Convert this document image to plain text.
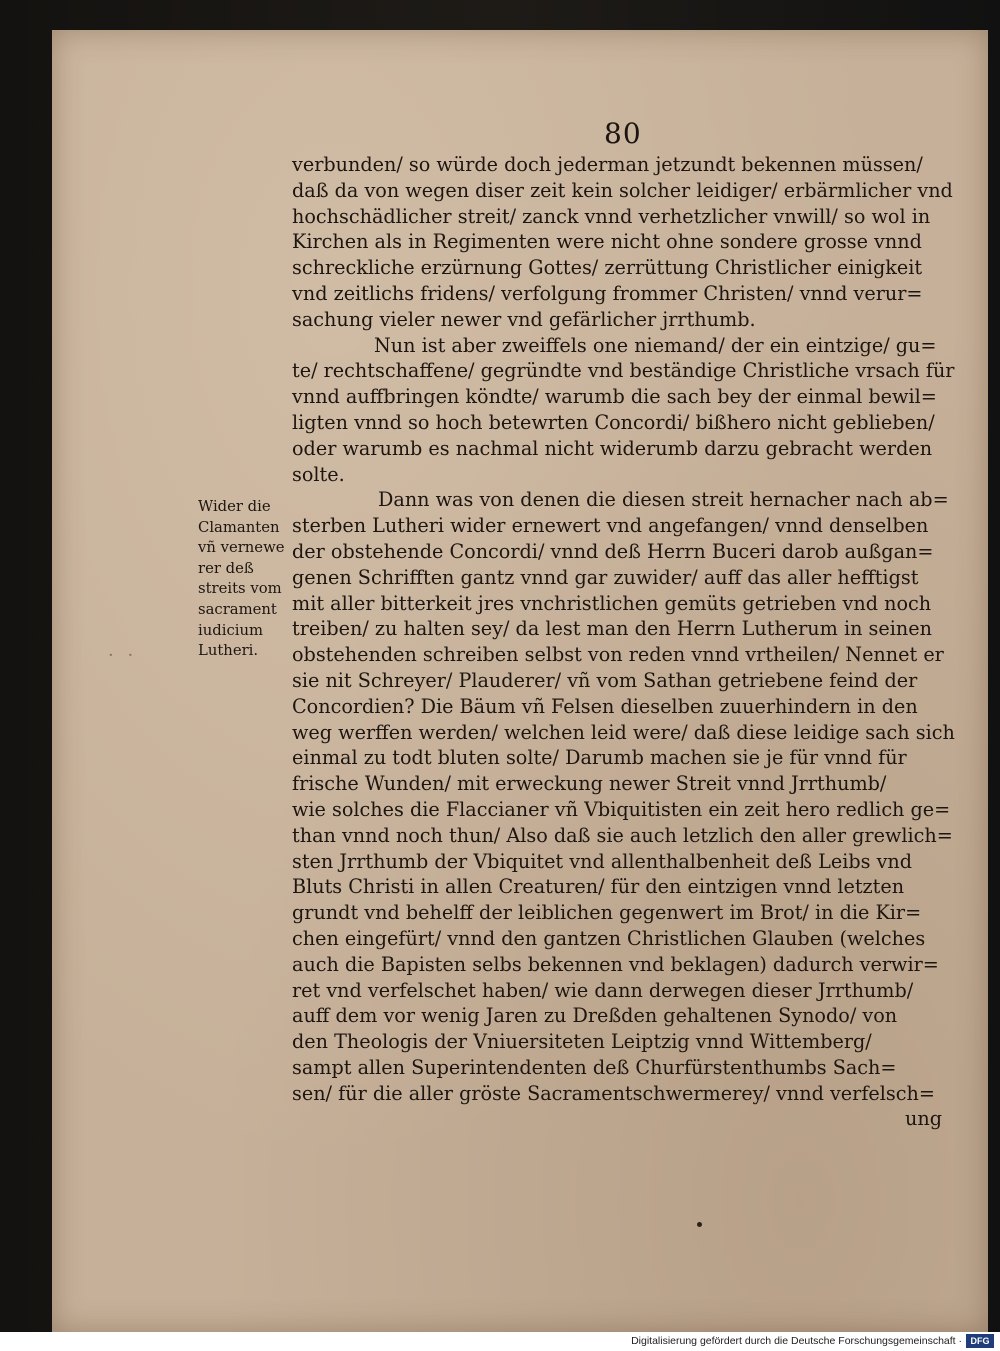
80
verbunden/ so würde doch jederman jetzundt bekennen müssen/
daß da von wegen diser zeit kein solcher leidiger/ erbärmlicher vnd
hochschädlicher streit/ zanck vnnd verhetzlicher vnwill/ so wol in
Kirchen als in Regimenten were nicht ohne sondere grosse vnnd
schreckliche erzürnung Gottes/ zerrüttung Christlicher einigkeit
vnd zeitlichs fridens/ verfolgung frommer Christen/ vnnd verur=
sachung vieler newer vnd gefärlicher jrrthumb.
Nun ist aber zweiffels one niemand/ der ein eintzige/ gu=
te/ rechtschaffene/ gegründte vnd beständige Christliche vrsach für
vnnd auffbringen köndte/ warumb die sach bey der einmal bewil=
ligten vnnd so hoch betewrten Concordi/ bißhero nicht geblieben/
oder warumb es nachmal nicht widerumb darzu gebracht werden
solte.
Dann was von denen die diesen streit hernacher nach ab=
sterben Lutheri wider ernewert vnd angefangen/ vnnd denselben
der obstehende Concordi/ vnnd deß Herrn Buceri darob außgan=
genen Schrifften gantz vnnd gar zuwider/ auff das aller hefftigst
mit aller bitterkeit jres vnchristlichen gemüts getrieben vnd noch
treiben/ zu halten sey/ da lest man den Herrn Lutherum in seinen
obstehenden schreiben selbst von reden vnnd vrtheilen/ Nennet er
sie nit Schreyer/ Plauderer/ vñ vom Sathan getriebene feind der
Concordien? Die Bäum vñ Felsen dieselben zuuerhindern in den
weg werffen werden/ welchen leid were/ daß diese leidige sach sich
einmal zu todt bluten solte/ Darumb machen sie je für vnnd für
frische Wunden/ mit erweckung newer Streit vnnd Jrrthumb/
wie solches die Flaccianer vñ Vbiquitisten ein zeit hero redlich ge=
than vnnd noch thun/ Also daß sie auch letzlich den aller grewlich=
sten Jrrthumb der Vbiquitet vnd allenthalbenheit deß Leibs vnd
Bluts Christi in allen Creaturen/ für den eintzigen vnnd letzten
grundt vnd behelff der leiblichen gegenwert im Brot/ in die Kir=
chen eingefürt/ vnnd den gantzen Christlichen Glauben (welches
auch die Bapisten selbs bekennen vnd beklagen) dadurch verwir=
ret vnd verfelschet haben/ wie dann derwegen dieser Jrrthumb/
auff dem vor wenig Jaren zu Dreßden gehaltenen Synodo/ von
den Theologis der Vniuersiteten Leiptzig vnnd Wittemberg/
sampt allen Superintendenten deß Churfürstenthumbs Sach=
sen/ für die aller gröste Sacramentschwermerey/ vnnd verfelsch=
ung
Wider die
Clamanten
vñ vernewe
rer deß
streits vom
sacrament
iudicium
Lutheri.
· ·
Digitalisierung gefördert durch die Deutsche Forschungsgemeinschaft · DFG
